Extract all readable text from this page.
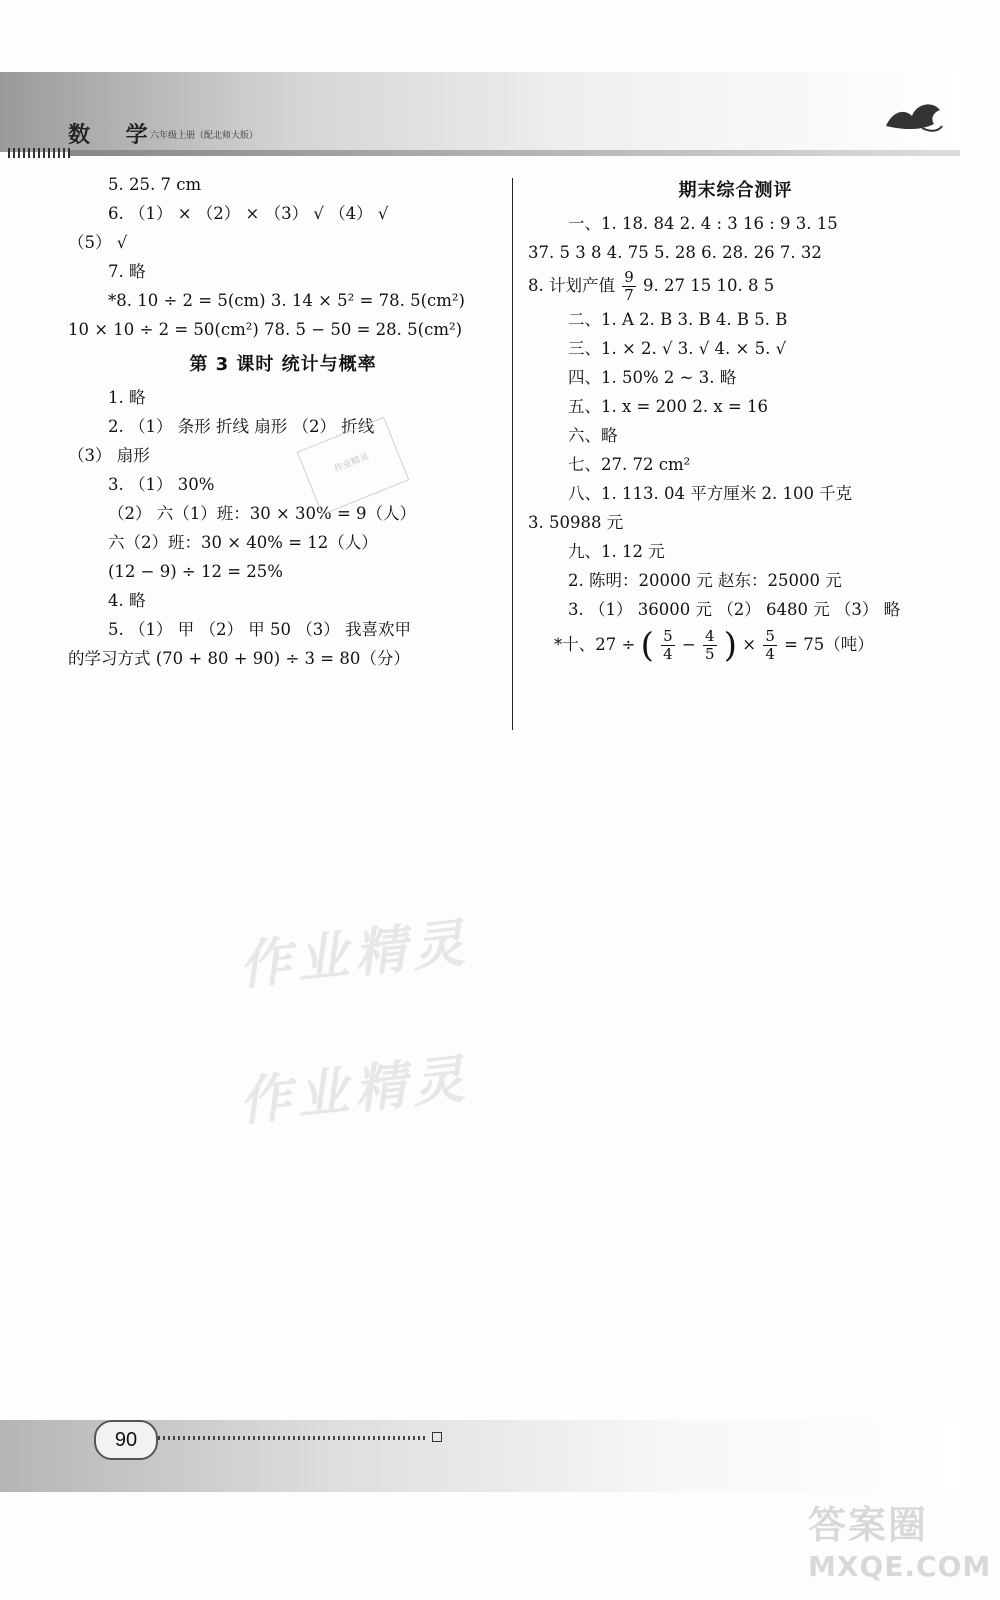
数 学
六年级上册（配北师大版）
5. 25. 7 cm
6. （1） × （2） × （3） √ （4） √
（5） √
7. 略
*8. 10 ÷ 2 = 5(cm) 3. 14 × 5² = 78. 5(cm²)
10 × 10 ÷ 2 = 50(cm²) 78. 5 − 50 = 28. 5(cm²)
第 3 课时 统计与概率
1. 略
2. （1） 条形 折线 扇形 （2） 折线
（3） 扇形
3. （1） 30%
（2） 六（1）班：30 × 30% = 9（人）
六（2）班：30 × 40% = 12（人）
(12 − 9) ÷ 12 = 25%
4. 略
5. （1） 甲 （2） 甲 50 （3） 我喜欢甲
的学习方式 (70 + 80 + 90) ÷ 3 = 80（分）
期末综合测评
一、1. 18. 84 2. 4 : 3 16 : 9 3. 15
37. 5 3 8 4. 75 5. 28 6. 28. 26 7. 32
8. 计划产值 $\frac{9}{7} 9$. 27 15 10. 8 5
二、1. A 2. B 3. B 4. B 5. B
三、1. × 2. √ 3. √ 4. × 5. √
四、1. 50% 2 ~ 3. 略
五、1. x = 200 2. x = 16
六、略
七、27. 72 cm²
八、1. 113. 04 平方厘米 2. 100 千克
3. 50988 元
九、1. 12 元
2. 陈明：20000 元 赵东：25000 元
3. （1） 36000 元 （2） 6480 元 （3） 略
*十、27 ÷ ( $\frac{5}{4} - \frac{4}{5}$ ) × $\frac{5}{4} = 75$（吨）
作业精灵
作业精灵
作业精灵
90
答案圈
MXQE.COM
